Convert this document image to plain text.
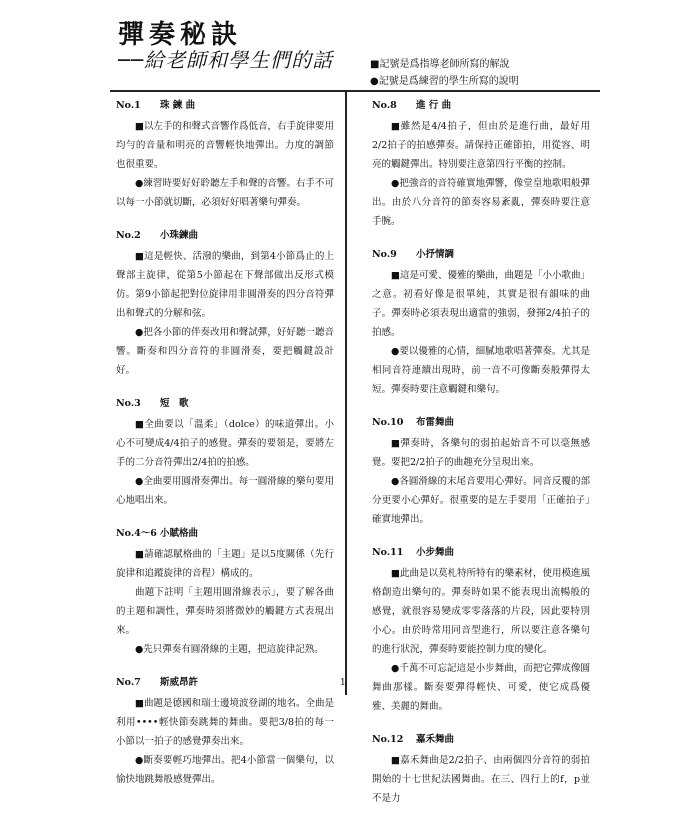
彈奏秘訣
──給老師和學生們的話	■記號是爲指導老師所寫的解說
●記號是爲練習的學生所寫的說明
No.1 珠 鍊 曲

■以左手的和聲式音響作爲低音，右手旋律要用均勻的音量和明亮的音響輕快地彈出。力度的調節也很重要。

●練習時要好好聆聽左手和聲的音響。右手不可以每一小節就切斷，必須好好唱著樂句彈奏。

No.2 小珠鍊曲

■這是輕快、活潑的樂曲，到第4小節爲止的上聲部主旋律，從第5小節起在下聲部做出反形式模仿。第9小節起把對位旋律用非圓滑奏的四分音符彈出和聲式的分解和弦。

●把各小節的伴奏改用和聲試彈，好好聽一聽音響。斷奏和四分音符的非圓滑奏，要把觸鍵設計好。

No.3 短　歌

■全曲要以「溫柔」（dolce）的味道彈出。小心不可變成4/4拍子的感覺。彈奏的要領是，要將左手的二分音符彈出2/4拍的拍感。

●全曲要用圓滑奏彈出。每一圓滑線的樂句要用心地唱出來。

No.4～6 小賦格曲

■請確認賦格曲的「主題」是以5度關係（先行旋律和追蹤旋律的音程）構成的。

曲題下註明「主題用圓滑線表示」，要了解各曲的主題和調性，彈奏時須將微妙的觸鍵方式表現出來。

●先只彈奏有圓滑線的主題，把這旋律記熟。

No.7 斯威昂許

■曲題是德國和瑞士邊境波登湖的地名。全曲是利用••••輕快節奏跳舞的舞曲。要把3/8拍的每一小節以一拍子的感覺彈奏出來。

●斷奏要輕巧地彈出。把4小節當一個樂句，以愉快地跳舞般感覺彈出。

No.8 進 行 曲

■雖然是4/4拍子，但由於是進行曲，最好用2/2拍子的拍感彈奏。請保持正確節拍，用從容、明亮的觸鍵彈出。特別要注意第四行平衡的控制。

●把強音的音符確實地彈響，像堂皇地歌唱般彈出。由於八分音符的節奏容易紊亂，彈奏時要注意手腕。

No.9 小抒情調

■這是可愛、優雅的樂曲，曲題是「小小歌曲」之意。初看好像是很單純，其實是很有韻味的曲子。彈奏時必須表現出適當的強弱，發揮2/4拍子的拍感。

●要以優雅的心情，細膩地歌唱著彈奏。尤其是相同音符連續出現時，前一音不可像斷奏般彈得太短。彈奏時要注意觸鍵和樂句。

No.10 布雷舞曲

■彈奏時，各樂句的弱拍起始音不可以毫無感覺。要把2/2拍子的曲趣充分呈現出來。

●各圓滑線的末尾音要用心彈好。同音反覆的部分更要小心彈好。很重要的是左手要用「正確拍子」確實地彈出。

No.11 小步舞曲

■此曲是以莫札特所特有的樂素材，使用模進風格創造出樂句的。彈奏時如果不能表現出流暢般的感覺，就很容易變成零零落落的片段，因此要特別小心。由於時常用同音型進行，所以要注意各樂句的進行狀況，彈奏時要能控制力度的變化。

●千萬不可忘記這是小步舞曲，而把它彈成像圓舞曲那樣。斷奏要彈得輕快、可愛，使它成爲優雅、美麗的舞曲。

No.12 嘉禾舞曲

■嘉禾舞曲是2/2拍子、由兩個四分音符的弱拍開始的十七世紀法國舞曲。在三、四行上的f，p並不是力

1
